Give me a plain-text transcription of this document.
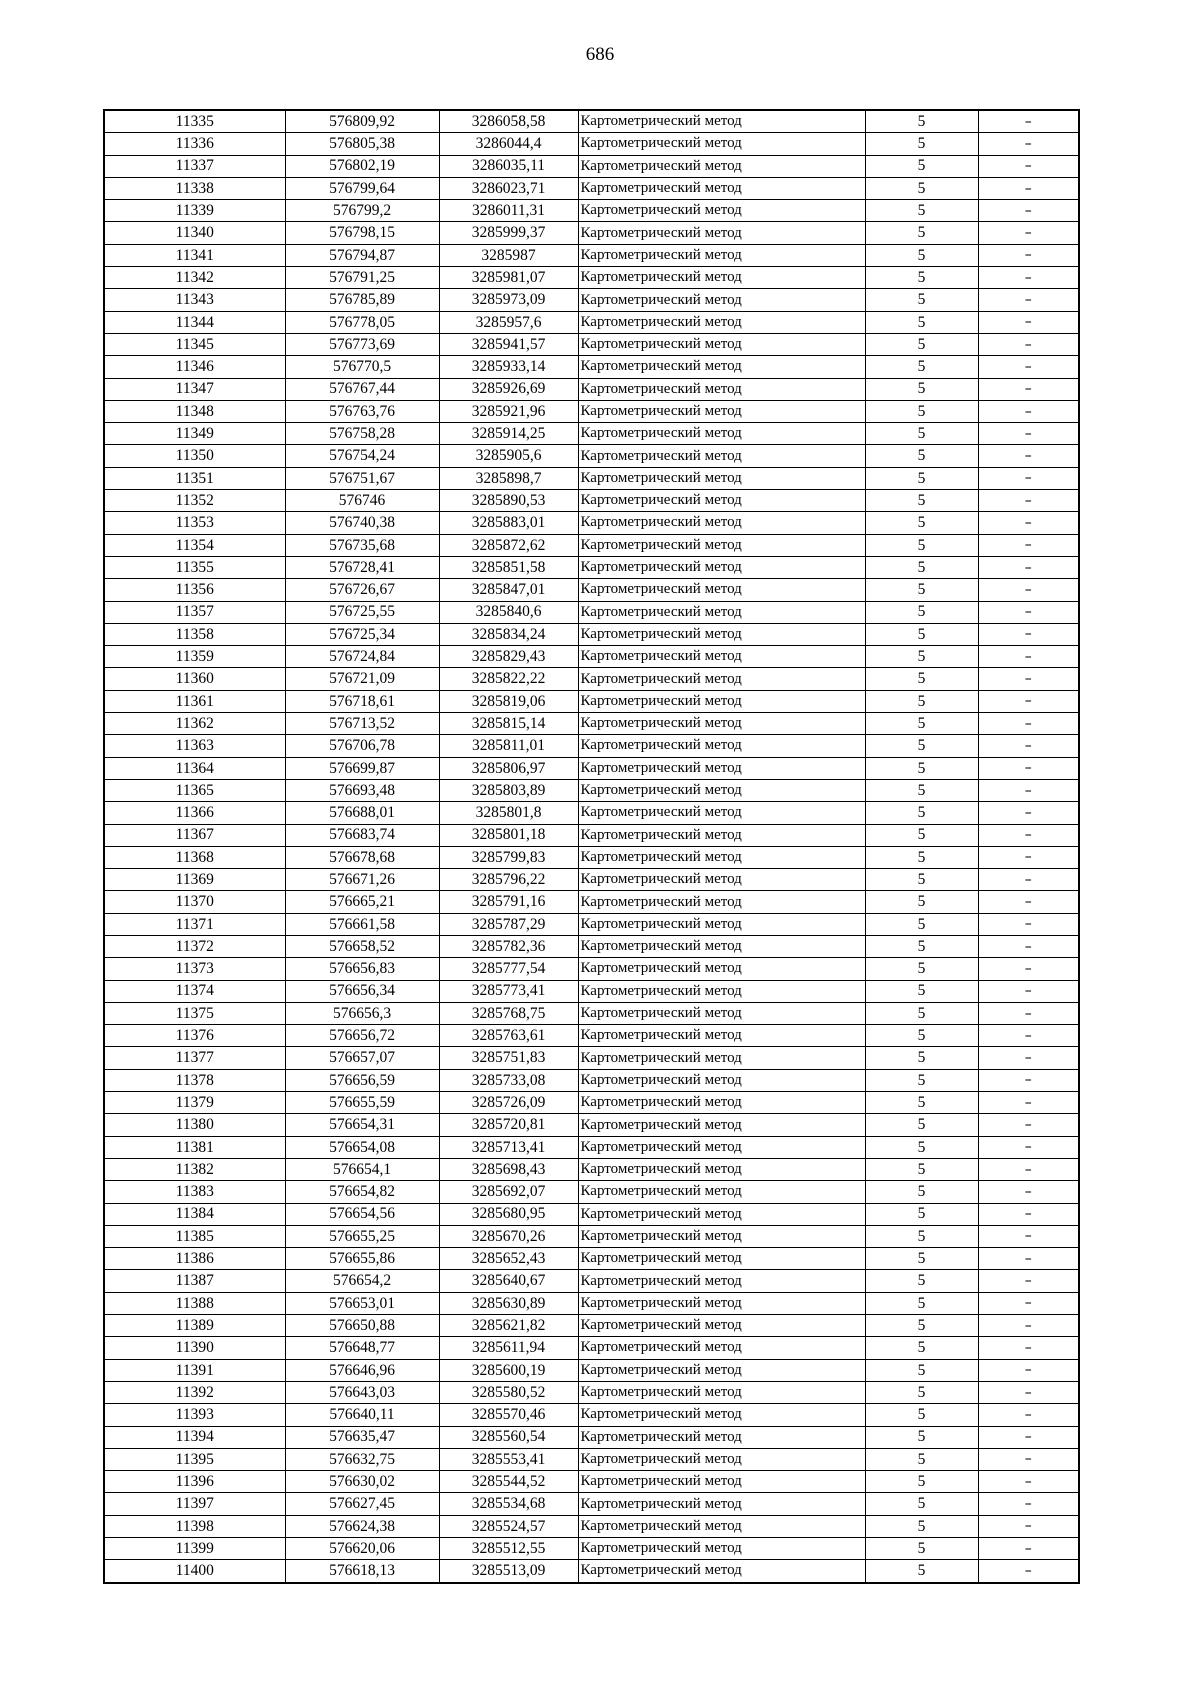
686
11335	576809,92	3286058,58	Картометрический метод	5	–
11336	576805,38	3286044,4	Картометрический метод	5	–
11337	576802,19	3286035,11	Картометрический метод	5	–
11338	576799,64	3286023,71	Картометрический метод	5	–
11339	576799,2	3286011,31	Картометрический метод	5	–
11340	576798,15	3285999,37	Картометрический метод	5	–
11341	576794,87	3285987	Картометрический метод	5	–
11342	576791,25	3285981,07	Картометрический метод	5	–
11343	576785,89	3285973,09	Картометрический метод	5	–
11344	576778,05	3285957,6	Картометрический метод	5	–
11345	576773,69	3285941,57	Картометрический метод	5	–
11346	576770,5	3285933,14	Картометрический метод	5	–
11347	576767,44	3285926,69	Картометрический метод	5	–
11348	576763,76	3285921,96	Картометрический метод	5	–
11349	576758,28	3285914,25	Картометрический метод	5	–
11350	576754,24	3285905,6	Картометрический метод	5	–
11351	576751,67	3285898,7	Картометрический метод	5	–
11352	576746	3285890,53	Картометрический метод	5	–
11353	576740,38	3285883,01	Картометрический метод	5	–
11354	576735,68	3285872,62	Картометрический метод	5	–
11355	576728,41	3285851,58	Картометрический метод	5	–
11356	576726,67	3285847,01	Картометрический метод	5	–
11357	576725,55	3285840,6	Картометрический метод	5	–
11358	576725,34	3285834,24	Картометрический метод	5	–
11359	576724,84	3285829,43	Картометрический метод	5	–
11360	576721,09	3285822,22	Картометрический метод	5	–
11361	576718,61	3285819,06	Картометрический метод	5	–
11362	576713,52	3285815,14	Картометрический метод	5	–
11363	576706,78	3285811,01	Картометрический метод	5	–
11364	576699,87	3285806,97	Картометрический метод	5	–
11365	576693,48	3285803,89	Картометрический метод	5	–
11366	576688,01	3285801,8	Картометрический метод	5	–
11367	576683,74	3285801,18	Картометрический метод	5	–
11368	576678,68	3285799,83	Картометрический метод	5	–
11369	576671,26	3285796,22	Картометрический метод	5	–
11370	576665,21	3285791,16	Картометрический метод	5	–
11371	576661,58	3285787,29	Картометрический метод	5	–
11372	576658,52	3285782,36	Картометрический метод	5	–
11373	576656,83	3285777,54	Картометрический метод	5	–
11374	576656,34	3285773,41	Картометрический метод	5	–
11375	576656,3	3285768,75	Картометрический метод	5	–
11376	576656,72	3285763,61	Картометрический метод	5	–
11377	576657,07	3285751,83	Картометрический метод	5	–
11378	576656,59	3285733,08	Картометрический метод	5	–
11379	576655,59	3285726,09	Картометрический метод	5	–
11380	576654,31	3285720,81	Картометрический метод	5	–
11381	576654,08	3285713,41	Картометрический метод	5	–
11382	576654,1	3285698,43	Картометрический метод	5	–
11383	576654,82	3285692,07	Картометрический метод	5	–
11384	576654,56	3285680,95	Картометрический метод	5	–
11385	576655,25	3285670,26	Картометрический метод	5	–
11386	576655,86	3285652,43	Картометрический метод	5	–
11387	576654,2	3285640,67	Картометрический метод	5	–
11388	576653,01	3285630,89	Картометрический метод	5	–
11389	576650,88	3285621,82	Картометрический метод	5	–
11390	576648,77	3285611,94	Картометрический метод	5	–
11391	576646,96	3285600,19	Картометрический метод	5	–
11392	576643,03	3285580,52	Картометрический метод	5	–
11393	576640,11	3285570,46	Картометрический метод	5	–
11394	576635,47	3285560,54	Картометрический метод	5	–
11395	576632,75	3285553,41	Картометрический метод	5	–
11396	576630,02	3285544,52	Картометрический метод	5	–
11397	576627,45	3285534,68	Картометрический метод	5	–
11398	576624,38	3285524,57	Картометрический метод	5	–
11399	576620,06	3285512,55	Картометрический метод	5	–
11400	576618,13	3285513,09	Картометрический метод	5	–
